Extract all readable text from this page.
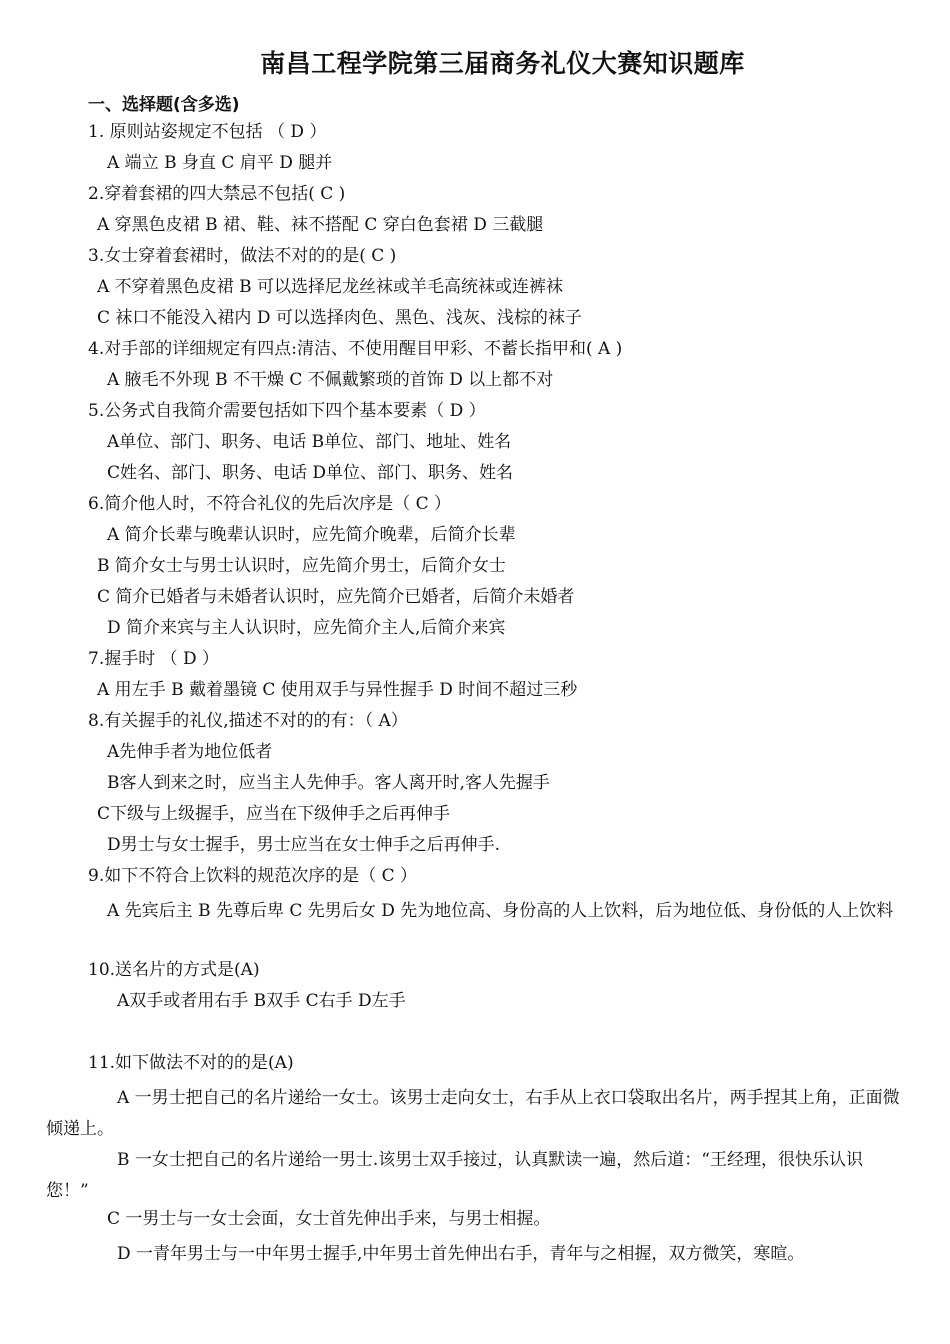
南昌工程学院第三届商务礼仪大赛知识题库
一、选择题(含多选)
1. 原则站姿规定不包括 （ D ）
A 端立 B 身直 C 肩平 D 腿并
2.穿着套裙的四大禁忌不包括( C )
A 穿黑色皮裙 B 裙、鞋、袜不搭配 C 穿白色套裙 D 三截腿
3.女士穿着套裙时，做法不对的的是( C )
A 不穿着黑色皮裙 B 可以选择尼龙丝袜或羊毛高统袜或连裤袜
C 袜口不能没入裙内 D 可以选择肉色、黑色、浅灰、浅棕的袜子
4.对手部的详细规定有四点:清洁、不使用醒目甲彩、不蓄长指甲和( A )
A 腋毛不外现 B 不干燥 C 不佩戴繁琐的首饰 D 以上都不对
5.公务式自我简介需要包括如下四个基本要素（ D ）
A单位、部门、职务、电话 B单位、部门、地址、姓名
C姓名、部门、职务、电话 D单位、部门、职务、姓名
6.简介他人时，不符合礼仪的先后次序是（ C ）
A 简介长辈与晚辈认识时，应先简介晚辈，后简介长辈
B 简介女士与男士认识时，应先简介男士，后简介女士
C 简介已婚者与未婚者认识时，应先简介已婚者，后简介未婚者
D 简介来宾与主人认识时，应先简介主人,后简介来宾
7.握手时 （ D ）
A 用左手 B 戴着墨镜 C 使用双手与异性握手 D 时间不超过三秒
8.有关握手的礼仪,描述不对的的有：（ A）
A先伸手者为地位低者
B客人到来之时，应当主人先伸手。客人离开时,客人先握手
C下级与上级握手，应当在下级伸手之后再伸手
D男士与女士握手，男士应当在女士伸手之后再伸手.
9.如下不符合上饮料的规范次序的是（ C ）
A 先宾后主 B 先尊后卑 C 先男后女 D 先为地位高、身份高的人上饮料，后为地位低、身份低的人上饮料
10.送名片的方式是(A)
A双手或者用右手 B双手 C右手 D左手
11.如下做法不对的的是(A)
A 一男士把自己的名片递给一女士。该男士走向女士，右手从上衣口袋取出名片，两手捏其上角，正面微倾递上。
B 一女士把自己的名片递给一男士.该男士双手接过，认真默读一遍，然后道：“王经理，很快乐认识您！”
C 一男士与一女士会面，女士首先伸出手来，与男士相握。
D 一青年男士与一中年男士握手,中年男士首先伸出右手，青年与之相握，双方微笑，寒暄。
